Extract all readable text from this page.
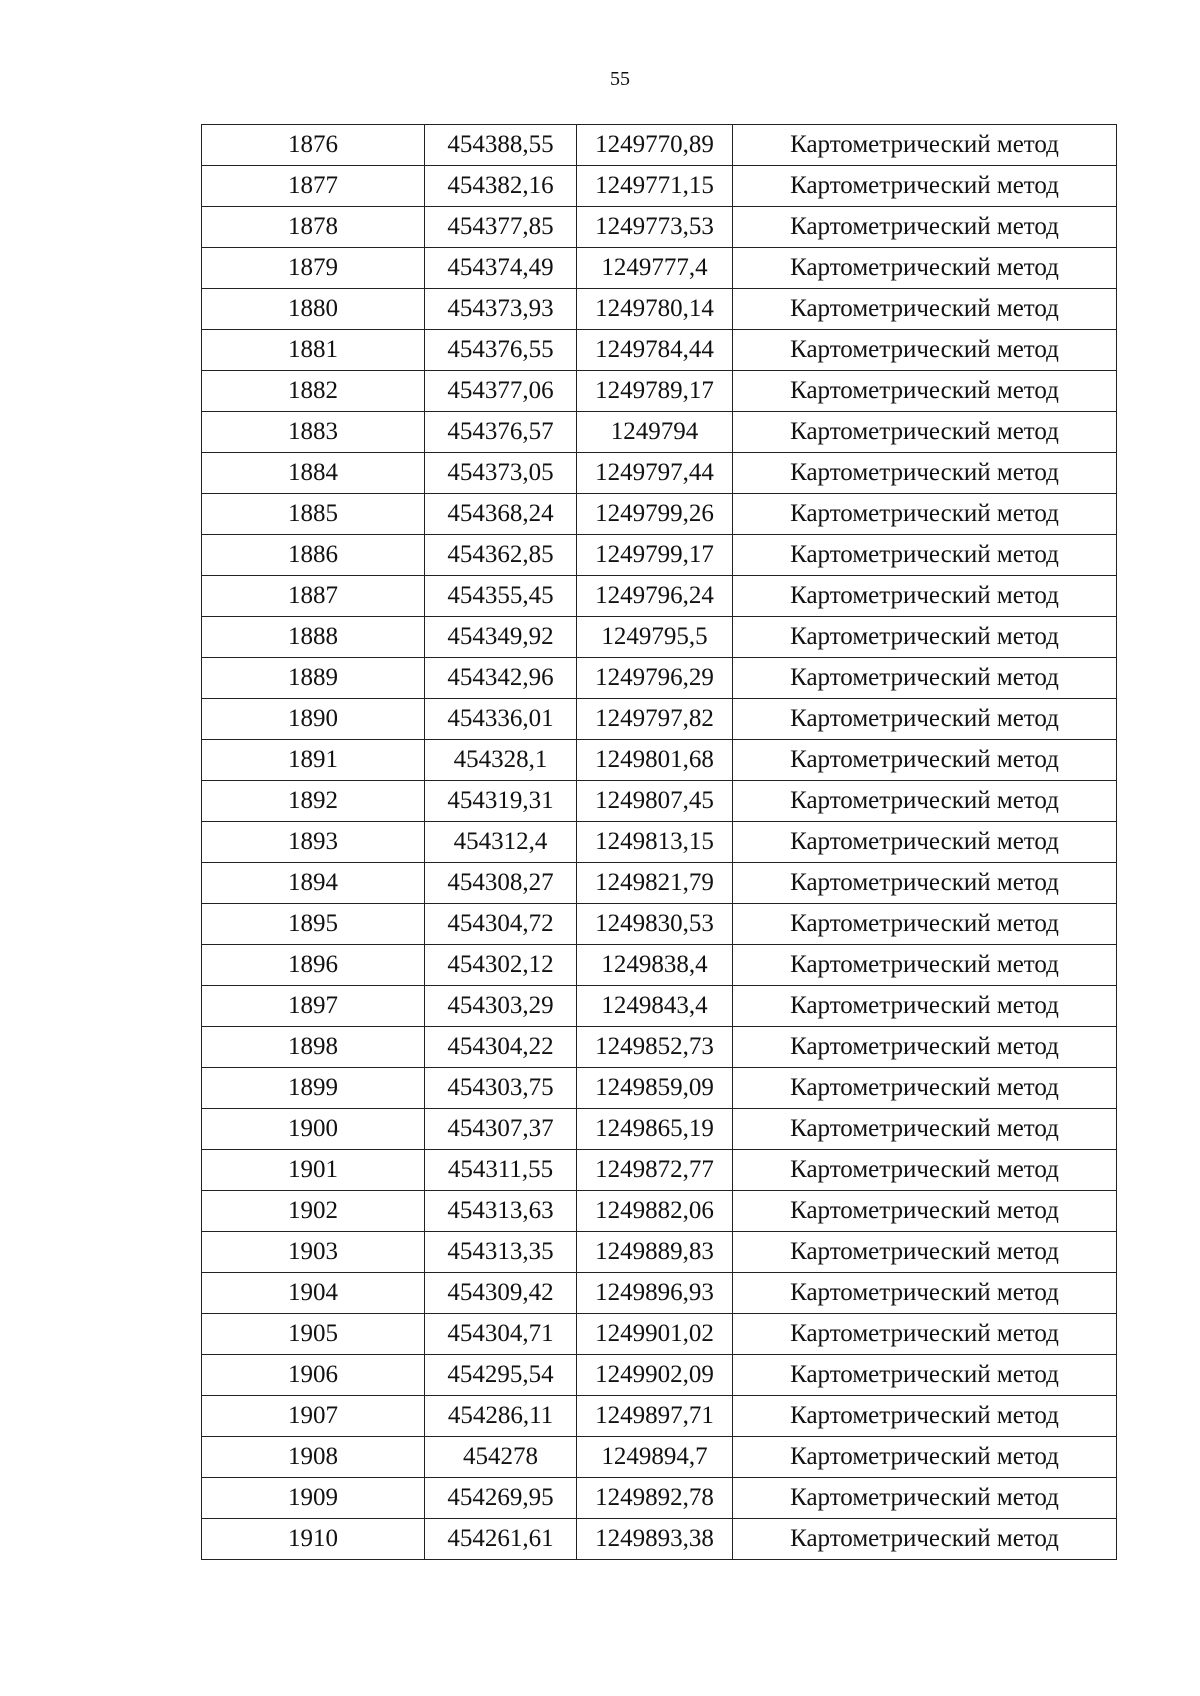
55
1876	454388,55	1249770,89	Картометрический метод
1877	454382,16	1249771,15	Картометрический метод
1878	454377,85	1249773,53	Картометрический метод
1879	454374,49	1249777,4	Картометрический метод
1880	454373,93	1249780,14	Картометрический метод
1881	454376,55	1249784,44	Картометрический метод
1882	454377,06	1249789,17	Картометрический метод
1883	454376,57	1249794	Картометрический метод
1884	454373,05	1249797,44	Картометрический метод
1885	454368,24	1249799,26	Картометрический метод
1886	454362,85	1249799,17	Картометрический метод
1887	454355,45	1249796,24	Картометрический метод
1888	454349,92	1249795,5	Картометрический метод
1889	454342,96	1249796,29	Картометрический метод
1890	454336,01	1249797,82	Картометрический метод
1891	454328,1	1249801,68	Картометрический метод
1892	454319,31	1249807,45	Картометрический метод
1893	454312,4	1249813,15	Картометрический метод
1894	454308,27	1249821,79	Картометрический метод
1895	454304,72	1249830,53	Картометрический метод
1896	454302,12	1249838,4	Картометрический метод
1897	454303,29	1249843,4	Картометрический метод
1898	454304,22	1249852,73	Картометрический метод
1899	454303,75	1249859,09	Картометрический метод
1900	454307,37	1249865,19	Картометрический метод
1901	454311,55	1249872,77	Картометрический метод
1902	454313,63	1249882,06	Картометрический метод
1903	454313,35	1249889,83	Картометрический метод
1904	454309,42	1249896,93	Картометрический метод
1905	454304,71	1249901,02	Картометрический метод
1906	454295,54	1249902,09	Картометрический метод
1907	454286,11	1249897,71	Картометрический метод
1908	454278	1249894,7	Картометрический метод
1909	454269,95	1249892,78	Картометрический метод
1910	454261,61	1249893,38	Картометрический метод
